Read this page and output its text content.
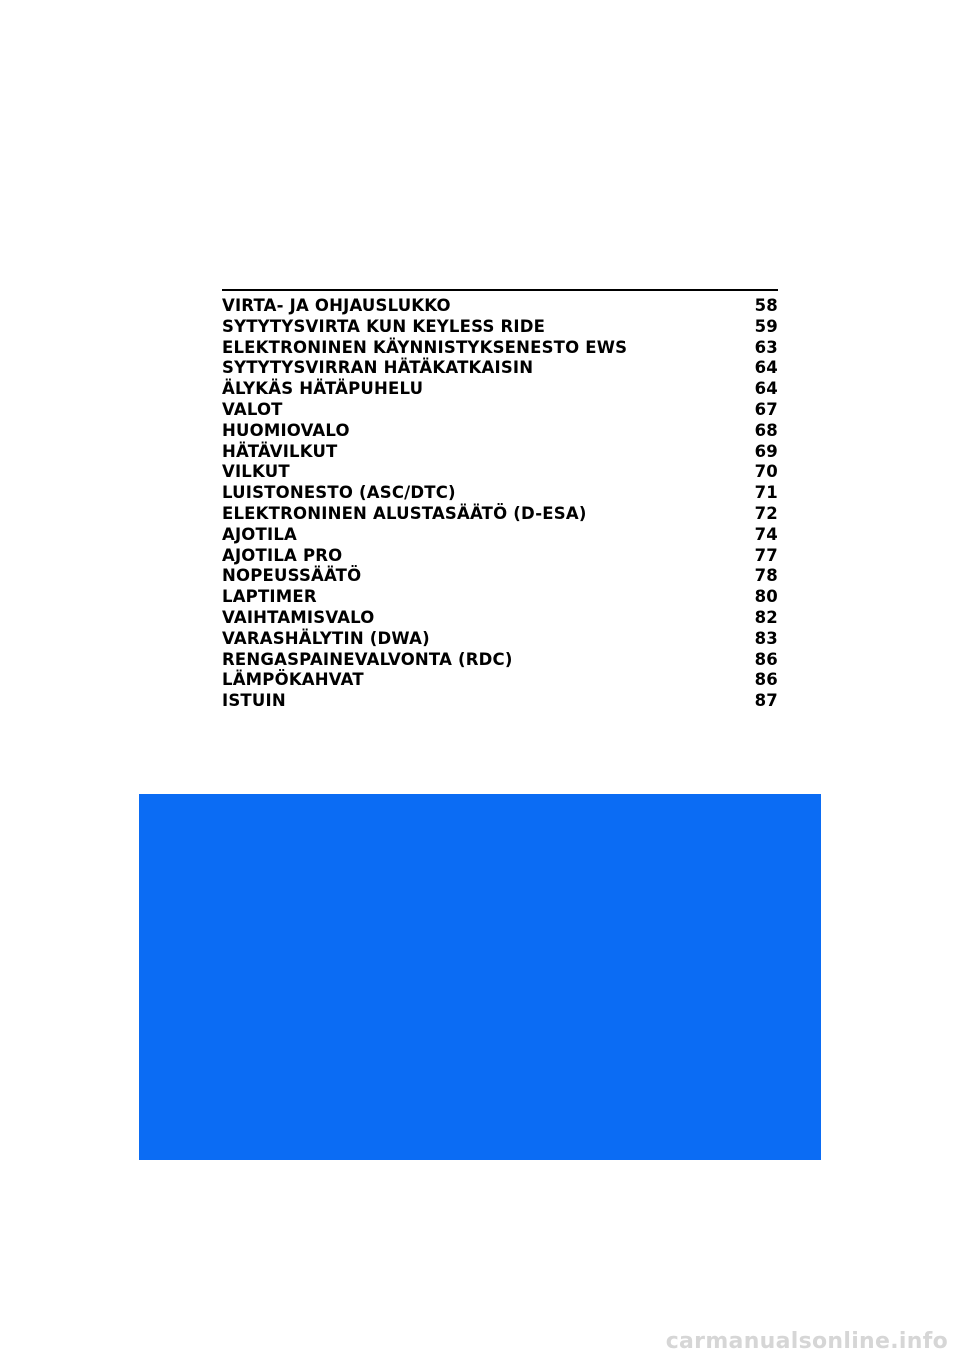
VIRTA- JA OHJAUSLUKKO	58
SYTYTYSVIRTA KUN KEYLESS RIDE	59
ELEKTRONINEN KÄYNNISTYKSENESTO EWS	63
SYTYTYSVIRRAN HÄTÄKATKAISIN	64
ÄLYKÄS HÄTÄPUHELU	64
VALOT	67
HUOMIOVALO	68
HÄTÄVILKUT	69
VILKUT	70
LUISTONESTO (ASC/DTC)	71
ELEKTRONINEN ALUSTASÄÄTÖ (D-ESA)	72
AJOTILA	74
AJOTILA PRO	77
NOPEUSSÄÄTÖ	78
LAPTIMER	80
VAIHTAMISVALO	82
VARASHÄLYTIN (DWA)	83
RENGASPAINEVALVONTA (RDC)	86
LÄMPÖKAHVAT	86
ISTUIN	87
carmanualsonline.info
